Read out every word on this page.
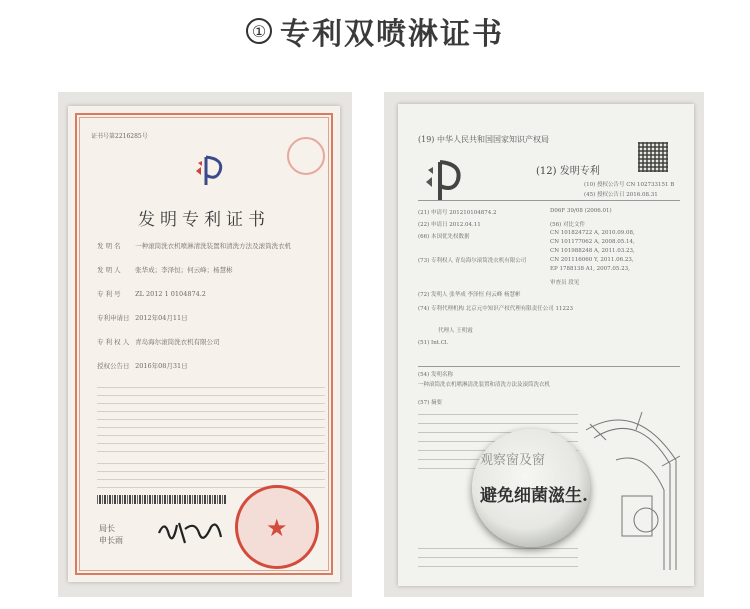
① 专利双喷淋证书
证书号第2216285号
发明专利证书
发 明 名 一种滚筒洗衣机喷淋清洗装置和清洗方法及滚筒洗衣机
发 明 人 张华成；李泽恒；何云峰；杨慧彬
专 利 号 ZL 2012 1 0104874.2
专利申请日 2012年04月11日
专 利 权 人 青岛海尔滚筒洗衣机有限公司
授权公告日 2016年08月31日
局长
申长雨	★
(19) 中华人民共和国国家知识产权局
(12) 发明专利
(10) 授权公告号 CN 102733151 B
(45) 授权公告日 2016.08.31
(21) 申请号 201210104874.2
(22) 申请日 2012.04.11
(66) 本国优先权数据
(73) 专利权人 青岛海尔滚筒洗衣机有限公司
(72) 发明人 张华成 李泽恒 何云峰 杨慧彬
(74) 专利代理机构 北京元中知识产权代理有限责任公司 11223
代理人 王明霞
(51) Int.Cl.
(54) 发明名称
一种滚筒洗衣机喷淋清洗装置和清洗方法及滚筒洗衣机
(57) 摘要
D06F 39/08 (2006.01)
(56) 对比文件
CN 101824722 A, 2010.09.08,
CN 101177062 A, 2008.05.14,
CN 101988248 A, 2011.03.23,
CN 201116060 Y, 2011.06.23,
EP 1788138 A1, 2007.05.23,
审查员 段见
观察窗及窗
避免细菌滋生.
